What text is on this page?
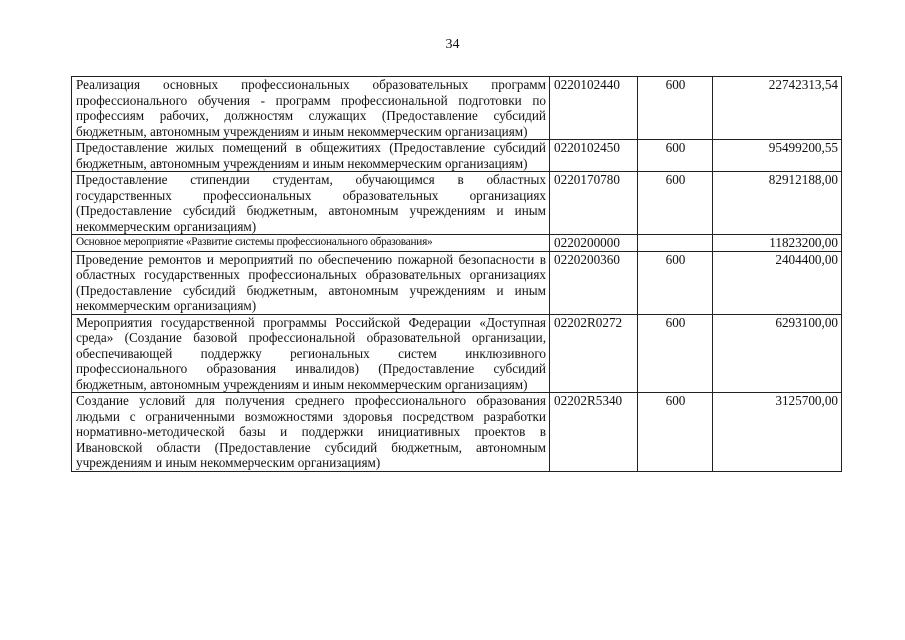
34
Реализация основных профессиональных образовательных программ профессионального обучения - программ профессиональной подготовки по профессиям рабочих, должностям служащих (Предоставление субсидий бюджетным, автономным учреждениям и иным некоммерческим организациям)	0220102440	600	22742313,54
Предоставление жилых помещений в общежитиях (Предоставление субсидий бюджетным, автономным учреждениям и иным некоммерческим организациям)	0220102450	600	95499200,55
Предоставление стипендии студентам, обучающимся в областных государственных профессиональных образовательных организациях (Предоставление субсидий бюджетным, автономным учреждениям и иным некоммерческим организациям)	0220170780	600	82912188,00
Основное мероприятие «Развитие системы профессионального образования»	0220200000		11823200,00
Проведение ремонтов и мероприятий по обеспечению пожарной безопасности в областных государственных профессиональных образовательных организациях (Предоставление субсидий бюджетным, автономным учреждениям и иным некоммерческим организациям)	0220200360	600	2404400,00
Мероприятия государственной программы Российской Федерации «Доступная среда» (Создание базовой профессиональной образовательной организации, обеспечивающей поддержку региональных систем инклюзивного профессионального образования инвалидов) (Предоставление субсидий бюджетным, автономным учреждениям и иным некоммерческим организациям)	02202R0272	600	6293100,00
Создание условий для получения среднего профессионального образования людьми с ограниченными возможностями здоровья посредством разработки нормативно-методической базы и поддержки инициативных проектов в Ивановской области (Предоставление субсидий бюджетным, автономным учреждениям и иным некоммерческим организациям)	02202R5340	600	3125700,00
